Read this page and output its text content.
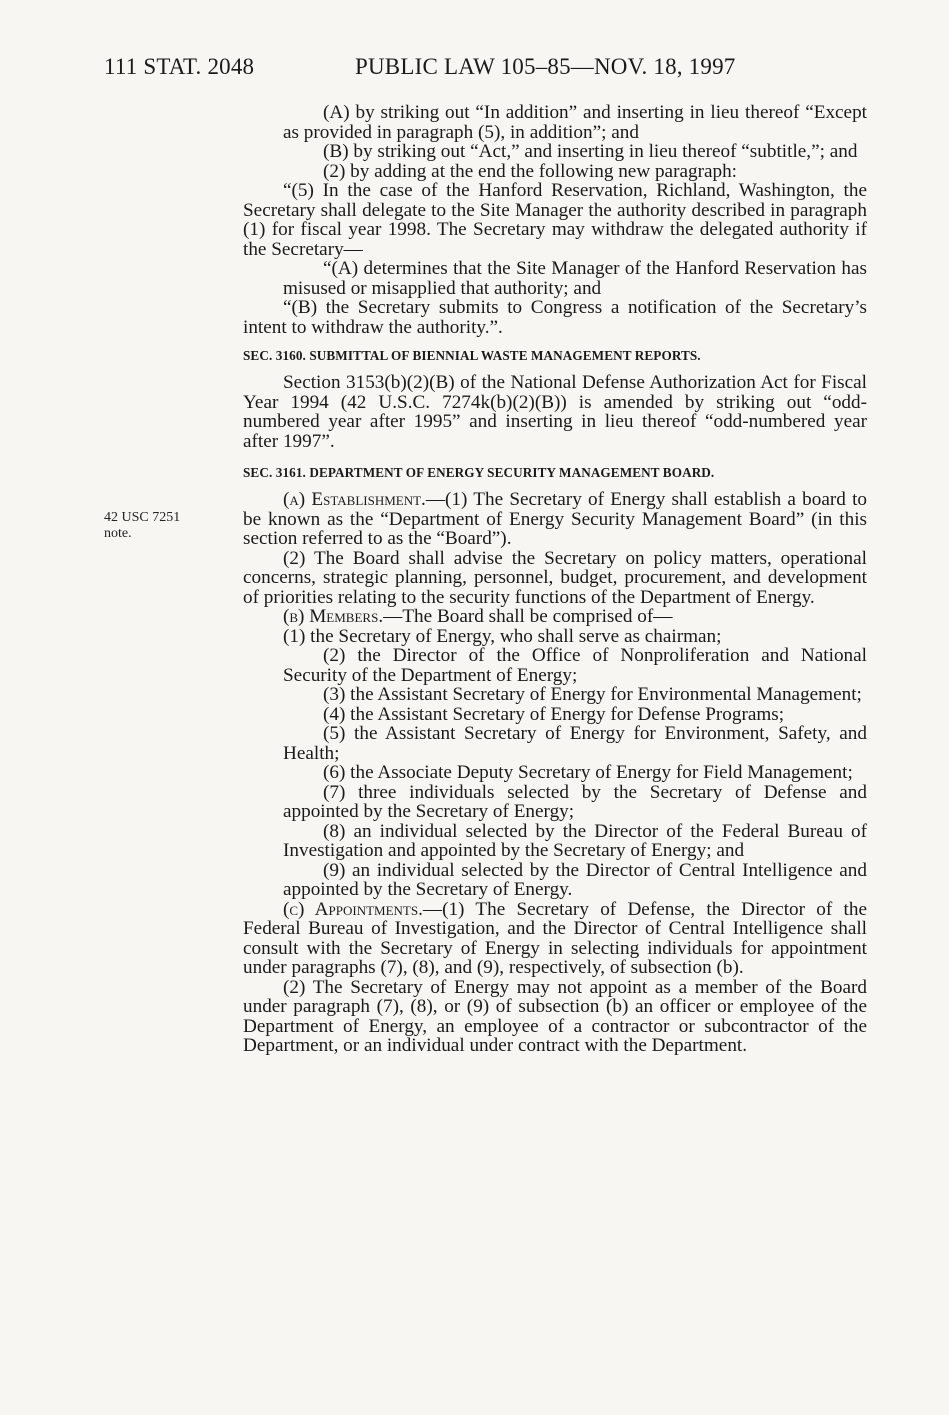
111 STAT. 2048	PUBLIC LAW 105–85—NOV. 18, 1997
42 USC 7251
note.

(A) by striking out “In addition” and inserting in lieu thereof “Except as provided in paragraph (5), in addition”; and

(B) by striking out “Act,” and inserting in lieu thereof “subtitle,”; and

(2) by adding at the end the following new paragraph:

“(5) In the case of the Hanford Reservation, Richland, Washington, the Secretary shall delegate to the Site Manager the authority described in paragraph (1) for fiscal year 1998. The Secretary may withdraw the delegated authority if the Secretary—

“(A) determines that the Site Manager of the Hanford Reservation has misused or misapplied that authority; and

“(B) the Secretary submits to Congress a notification of the Secretary’s intent to withdraw the authority.”.

SEC. 3160. SUBMITTAL OF BIENNIAL WASTE MANAGEMENT REPORTS.

Section 3153(b)(2)(B) of the National Defense Authorization Act for Fiscal Year 1994 (42 U.S.C. 7274k(b)(2)(B)) is amended by striking out “odd-numbered year after 1995” and inserting in lieu thereof “odd-numbered year after 1997”.

SEC. 3161. DEPARTMENT OF ENERGY SECURITY MANAGEMENT BOARD.

(a) Establishment.—(1) The Secretary of Energy shall establish a board to be known as the “Department of Energy Security Management Board” (in this section referred to as the “Board”).

(2) The Board shall advise the Secretary on policy matters, operational concerns, strategic planning, personnel, budget, procurement, and development of priorities relating to the security functions of the Department of Energy.

(b) Members.—The Board shall be comprised of—

(1) the Secretary of Energy, who shall serve as chairman;

(2) the Director of the Office of Nonproliferation and National Security of the Department of Energy;

(3) the Assistant Secretary of Energy for Environmental Management;

(4) the Assistant Secretary of Energy for Defense Programs;

(5) the Assistant Secretary of Energy for Environment, Safety, and Health;

(6) the Associate Deputy Secretary of Energy for Field Management;

(7) three individuals selected by the Secretary of Defense and appointed by the Secretary of Energy;

(8) an individual selected by the Director of the Federal Bureau of Investigation and appointed by the Secretary of Energy; and

(9) an individual selected by the Director of Central Intelligence and appointed by the Secretary of Energy.

(c) Appointments.—(1) The Secretary of Defense, the Director of the Federal Bureau of Investigation, and the Director of Central Intelligence shall consult with the Secretary of Energy in selecting individuals for appointment under paragraphs (7), (8), and (9), respectively, of subsection (b).

(2) The Secretary of Energy may not appoint as a member of the Board under paragraph (7), (8), or (9) of subsection (b) an officer or employee of the Department of Energy, an employee of a contractor or subcontractor of the Department, or an individual under contract with the Department.
